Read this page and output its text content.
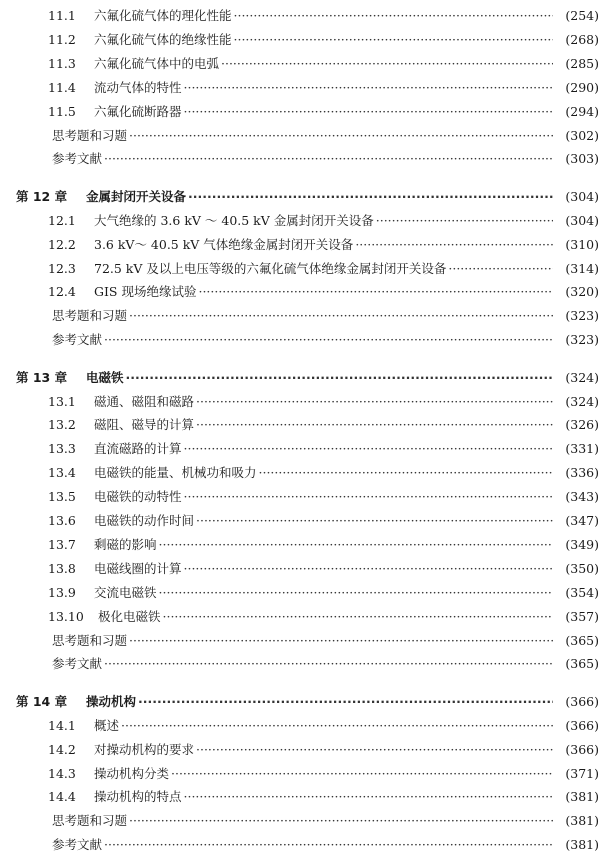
11.1	六氟化硫气体的理化性能 ·····	(254)
11.2	六氟化硫气体的绝缘性能 ·····	(268)
11.3	六氟化硫气体中的电弧 ·····	(285)
11.4	流动气体的特性 ·····	(290)
11.5	六氟化硫断路器 ·····	(294)
思考题和习题 ·····	(302)
参考文献 ·····	(303)
第 12 章	金属封闭开关设备 ·····	(304)
12.1	大气绝缘的 3.6 kV ～ 40.5 kV 金属封闭开关设备 ·····	(304)
12.2	3.6 kV～ 40.5 kV 气体绝缘金属封闭开关设备 ·····	(310)
12.3	72.5 kV 及以上电压等级的六氟化硫气体绝缘金属封闭开关设备 ·····	(314)
12.4	GIS 现场绝缘试验 ·····	(320)
思考题和习题 ·····	(323)
参考文献 ·····	(323)
第 13 章	电磁铁 ·····	(324)
13.1	磁通、磁阻和磁路 ·····	(324)
13.2	磁阻、磁导的计算 ·····	(326)
13.3	直流磁路的计算 ·····	(331)
13.4	电磁铁的能量、机械功和吸力 ·····	(336)
13.5	电磁铁的动特性 ·····	(343)
13.6	电磁铁的动作时间 ·····	(347)
13.7	剩磁的影响 ·····	(349)
13.8	电磁线圈的计算 ·····	(350)
13.9	交流电磁铁 ·····	(354)
13.10	极化电磁铁 ·····	(357)
思考题和习题 ·····	(365)
参考文献 ·····	(365)
第 14 章	操动机构 ·····	(366)
14.1	概述 ·····	(366)
14.2	对操动机构的要求 ·····	(366)
14.3	操动机构分类 ·····	(371)
14.4	操动机构的特点 ·····	(381)
思考题和习题 ·····	(381)
参考文献 ·····	(381)
